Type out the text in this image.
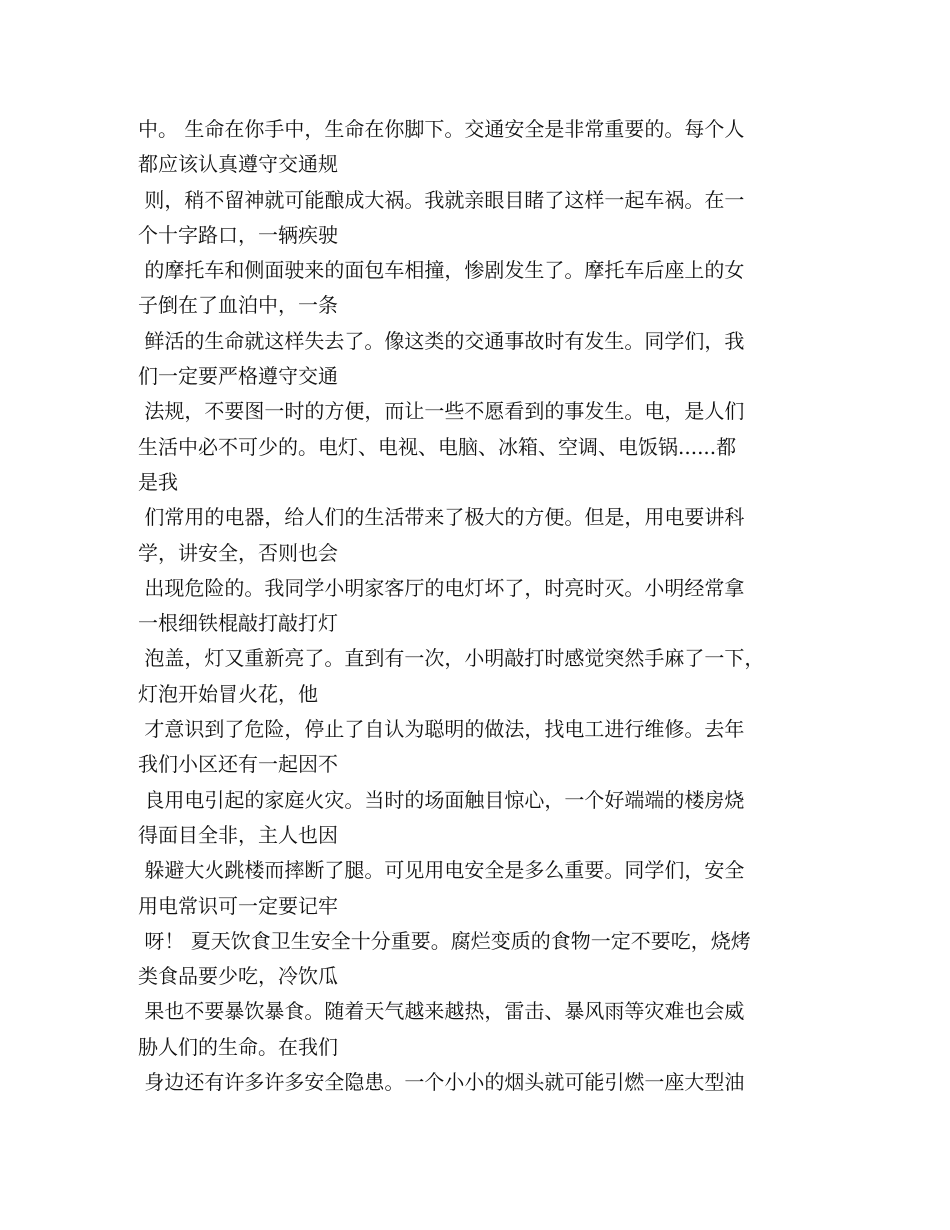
中。 生命在你手中，生命在你脚下。交通安全是非常重要的。每个人
都应该认真遵守交通规
则，稍不留神就可能酿成大祸。我就亲眼目睹了这样一起车祸。在一
个十字路口，一辆疾驶
的摩托车和侧面驶来的面包车相撞，惨剧发生了。摩托车后座上的女
子倒在了血泊中，一条
鲜活的生命就这样失去了。像这类的交通事故时有发生。同学们，我
们一定要严格遵守交通
法规，不要图一时的方便，而让一些不愿看到的事发生。电，是人们
生活中必不可少的。电灯、电视、电脑、冰箱、空调、电饭锅......都
是我
们常用的电器，给人们的生活带来了极大的方便。但是，用电要讲科
学，讲安全，否则也会
出现危险的。我同学小明家客厅的电灯坏了，时亮时灭。小明经常拿
一根细铁棍敲打敲打灯
泡盖，灯又重新亮了。直到有一次，小明敲打时感觉突然手麻了一下，
灯泡开始冒火花，他
才意识到了危险，停止了自认为聪明的做法，找电工进行维修。去年
我们小区还有一起因不
良用电引起的家庭火灾。当时的场面触目惊心，一个好端端的楼房烧
得面目全非，主人也因
躲避大火跳楼而摔断了腿。可见用电安全是多么重要。同学们，安全
用电常识可一定要记牢
呀！ 夏天饮食卫生安全十分重要。腐烂变质的食物一定不要吃，烧烤
类食品要少吃，冷饮瓜
果也不要暴饮暴食。随着天气越来越热，雷击、暴风雨等灾难也会威
胁人们的生命。在我们
身边还有许多许多安全隐患。一个小小的烟头就可能引燃一座大型油
